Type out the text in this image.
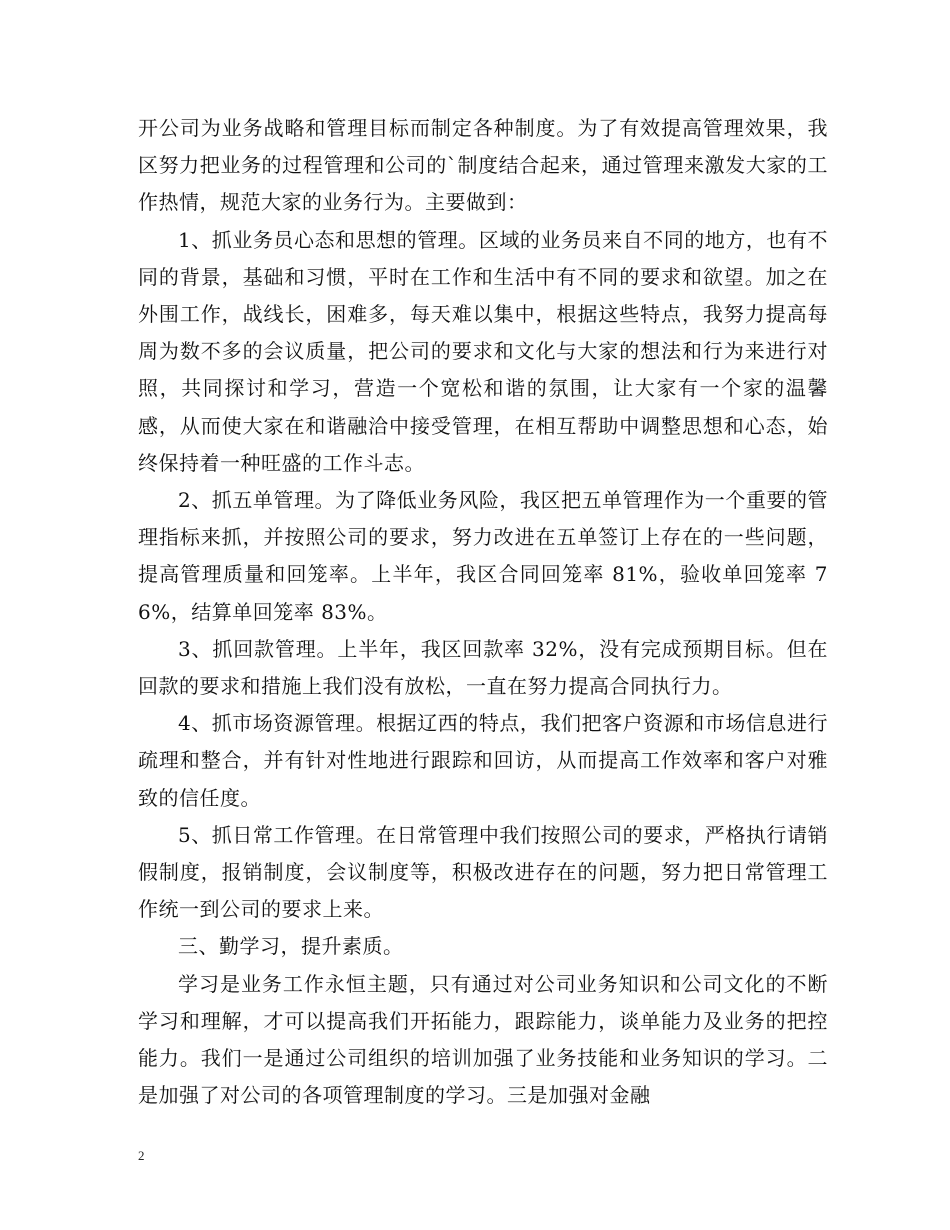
开公司为业务战略和管理目标而制定各种制度。为了有效提高管理效果，我区努力把业务的过程管理和公司的`制度结合起来，通过管理来激发大家的工作热情，规范大家的业务行为。主要做到：

1、抓业务员心态和思想的管理。区域的业务员来自不同的地方，也有不同的背景，基础和习惯，平时在工作和生活中有不同的要求和欲望。加之在外围工作，战线长，困难多，每天难以集中，根据这些特点，我努力提高每周为数不多的会议质量，把公司的要求和文化与大家的想法和行为来进行对照，共同探讨和学习，营造一个宽松和谐的氛围，让大家有一个家的温馨感，从而使大家在和谐融洽中接受管理，在相互帮助中调整思想和心态，始终保持着一种旺盛的工作斗志。

2、抓五单管理。为了降低业务风险，我区把五单管理作为一个重要的管理指标来抓，并按照公司的要求，努力改进在五单签订上存在的一些问题，提高管理质量和回笼率。上半年，我区合同回笼率 81%，验收单回笼率 76%，结算单回笼率 83%。

3、抓回款管理。上半年，我区回款率 32%，没有完成预期目标。但在回款的要求和措施上我们没有放松，一直在努力提高合同执行力。

4、抓市场资源管理。根据辽西的特点，我们把客户资源和市场信息进行疏理和整合，并有针对性地进行跟踪和回访，从而提高工作效率和客户对雅致的信任度。

5、抓日常工作管理。在日常管理中我们按照公司的要求，严格执行请销假制度，报销制度，会议制度等，积极改进存在的问题，努力把日常管理工作统一到公司的要求上来。

三、勤学习，提升素质。

学习是业务工作永恒主题，只有通过对公司业务知识和公司文化的不断学习和理解，才可以提高我们开拓能力，跟踪能力，谈单能力及业务的把控能力。我们一是通过公司组织的培训加强了业务技能和业务知识的学习。二是加强了对公司的各项管理制度的学习。三是加强对金融

2
